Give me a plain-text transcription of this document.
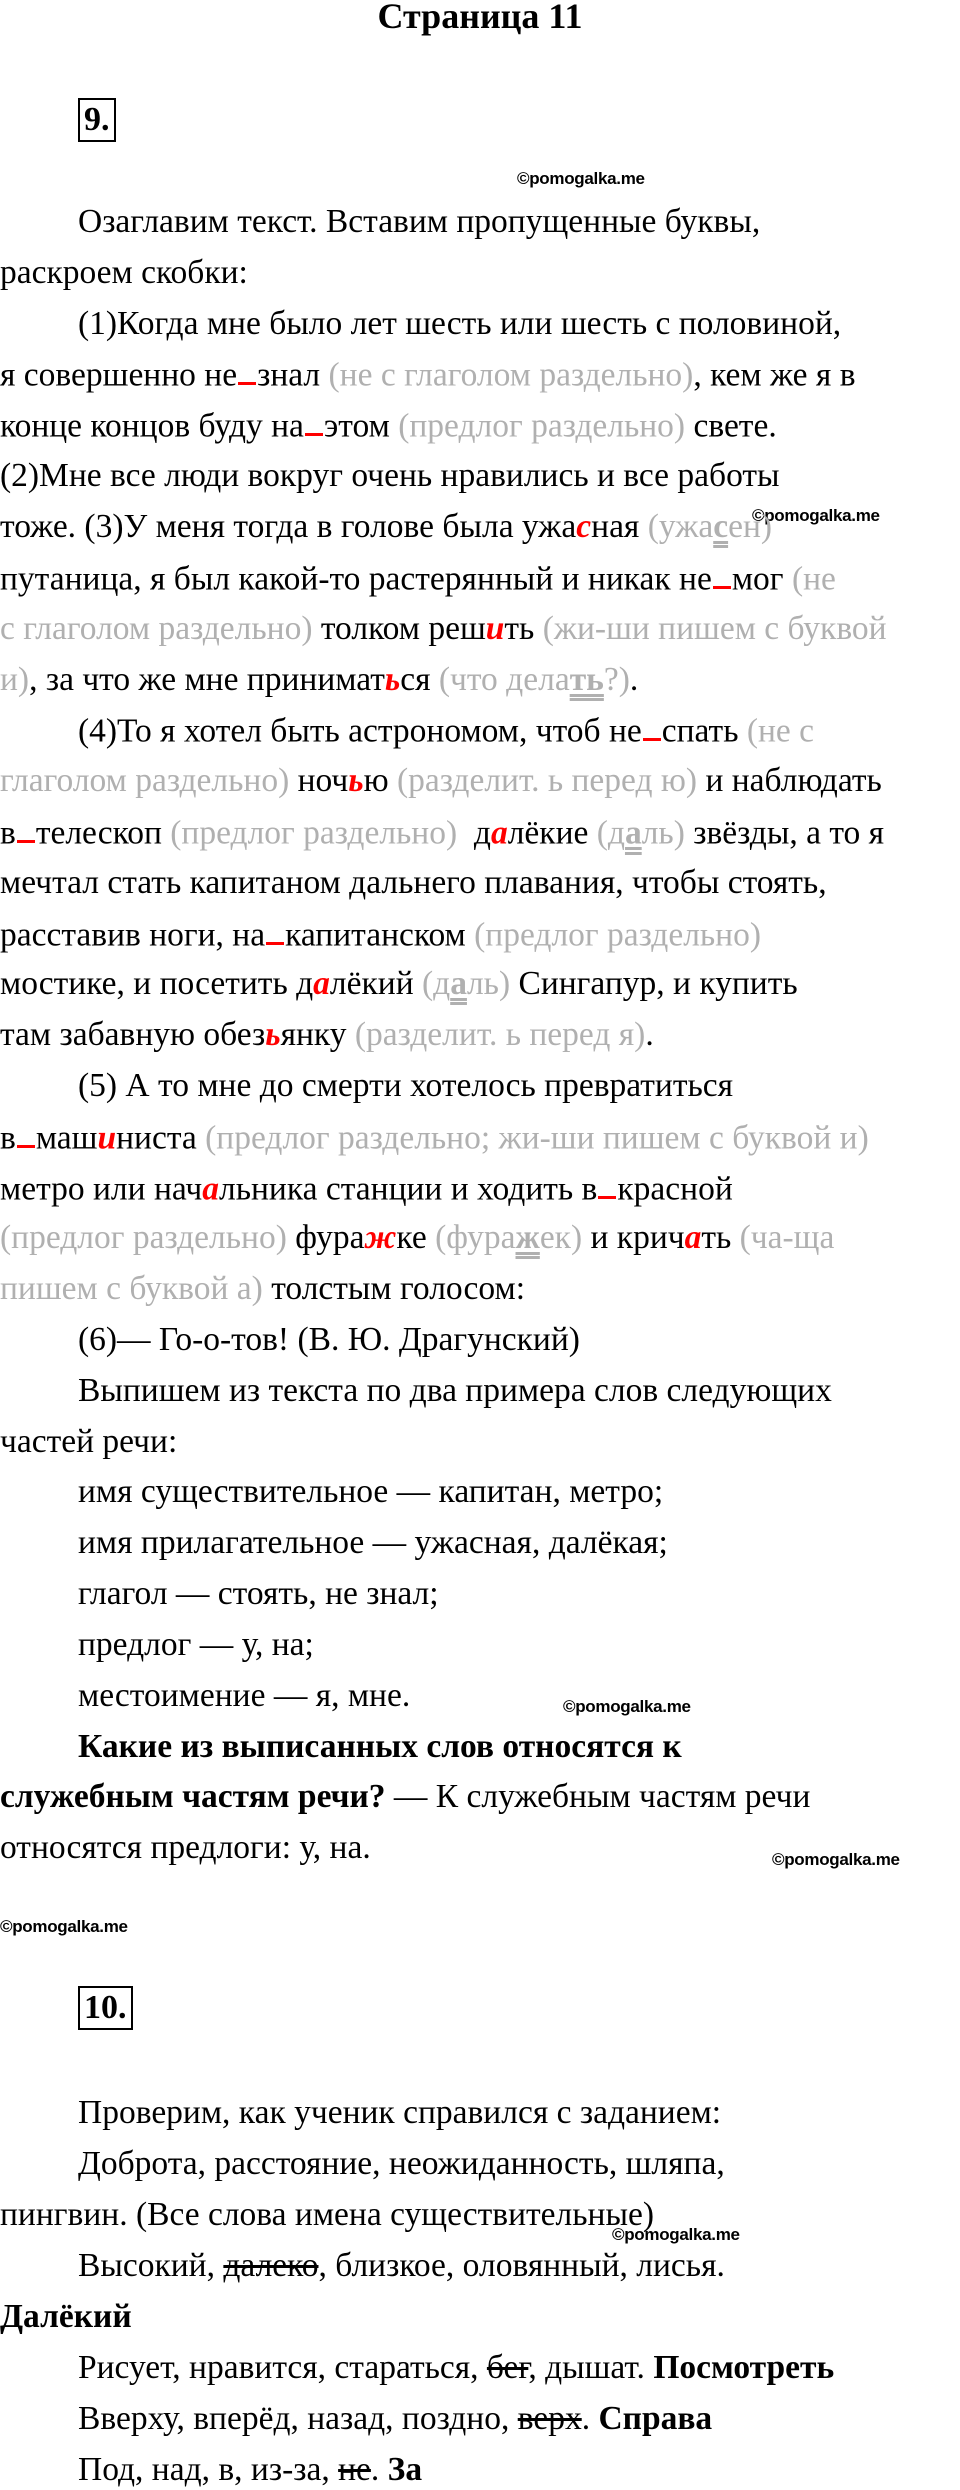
Страница 11
9.
©pomogalka.me
Озаглавим текст. Вставим пропущенные буквы,
раскроем скобки:
(1)Когда мне было лет шесть или шесть с половиной,
я совершенно не знал (не с глаголом раздельно), кем же я в
конце концов буду на этом (предлог раздельно) свете.
(2)Мне все люди вокруг очень нравились и все работы
©pomogalka.me
тоже. (3)У меня тогда в голове была ужасная (ужасен)
путаница, я был какой-то растерянный и никак не мог (не
с глаголом раздельно) толком решить (жи-ши пишем с буквой
и), за что же мне приниматься (что делать?).
(4)То я хотел быть астрономом, чтоб не спать (не с
глаголом раздельно) ночью (разделит. ь перед ю) и наблюдать
в телескоп (предлог раздельно) далёкие (даль) звёзды, а то я
мечтал стать капитаном дальнего плавания, чтобы стоять,
расставив ноги, на капитанском (предлог раздельно)
мостике, и посетить далёкий (даль) Сингапур, и купить
там забавную обезьянку (разделит. ь перед я).
(5) А то мне до смерти хотелось превратиться
в машиниста (предлог раздельно; жи-ши пишем с буквой и)
метро или начальника станции и ходить в красной
(предлог раздельно) фуражке (фуражек) и кричать (ча-ща
пишем с буквой а) толстым голосом:
(6)— Го-о-тов! (В. Ю. Драгунский)
Выпишем из текста по два примера слов следующих
частей речи:
имя существительное — капитан, метро;
имя прилагательное — ужасная, далёкая;
глагол — стоять, не знал;
предлог — у, на;
местоимение — я, мне.	©pomogalka.me
Какие из выписанных слов относятся к
служебным частям речи? — К служебным частям речи
относятся предлоги: у, на.	©pomogalka.me
©pomogalka.me
10.
Проверим, как ученик справился с заданием:
Доброта, расстояние, неожиданность, шляпа,
пингвин. (Все слова имена существительные)
©pomogalka.me
Высокий, далеко, близкое, оловянный, лисья.
Далёкий
Рисует, нравится, стараться, бег, дышат. Посмотреть
Вверху, вперёд, назад, поздно, верх. Справа
Под, над, в, из-за, не. За
